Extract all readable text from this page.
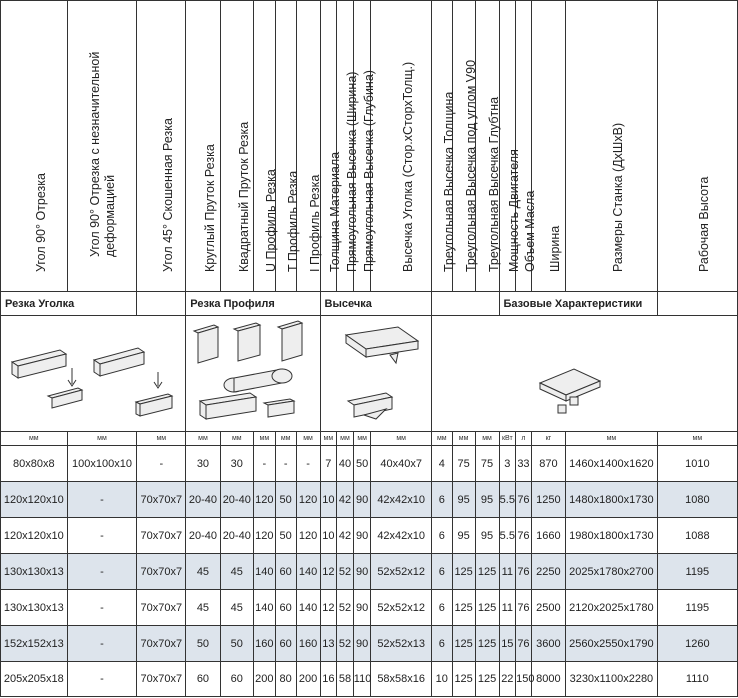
Угол 90° Отрезка	Угол 90° Отрезка с незначительной деформацией	Угол 45° Скошенная Резка	Круглый Пруток Резка	Квадратный Пруток Резка	U Профиль Резка	T Профиль Резка	I Профиль Резка	Толщина Материала	Прямоугольная Высечка (Ширина)	Прямоугольная Высечка (Глубина)	Высечка Уголка (Стор.xСторхТолщ.)	Треугольная Высечка Толщина	Треугольная Высечка под углом V90	Треугольная Высечка Глубтна	Мощность Двигателя	Объем Масла	Ширина	Размеры Станка (ДхШхВ)	Рабочая Высота

Резка Уголка			Резка Профиля					Высечка							Базовые Характеристики				

мм	мм	мм	мм	мм	мм	мм	мм	мм	мм	мм	мм	мм	мм	мм	кВт	л	кг	мм	мм
80x80x8	100x100x10	-	30	30	-	-	-	7	40	50	40x40x7	4	75	75	3	33	870	1460x1400x1620	1010
120x120x10	-	70x70x7	20-40	20-40	120	50	120	10	42	90	42x42x10	6	95	95	5.5	76	1250	1480x1800x1730	1080
120x120x10	-	70x70x7	20-40	20-40	120	50	120	10	42	90	42x42x10	6	95	95	5.5	76	1660	1980x1800x1730	1088
130x130x13	-	70x70x7	45	45	140	60	140	12	52	90	52x52x12	6	125	125	11	76	2250	2025x1780x2700	1195
130x130x13	-	70x70x7	45	45	140	60	140	12	52	90	52x52x12	6	125	125	11	76	2500	2120x2025x1780	1195
152x152x13	-	70x70x7	50	50	160	60	160	13	52	90	52x52x13	6	125	125	15	76	3600	2560x2550x1790	1260
205x205x18	-	70x70x7	60	60	200	80	200	16	58	110	58x58x16	10	125	125	22	150	8000	3230x1100x2280	1110
